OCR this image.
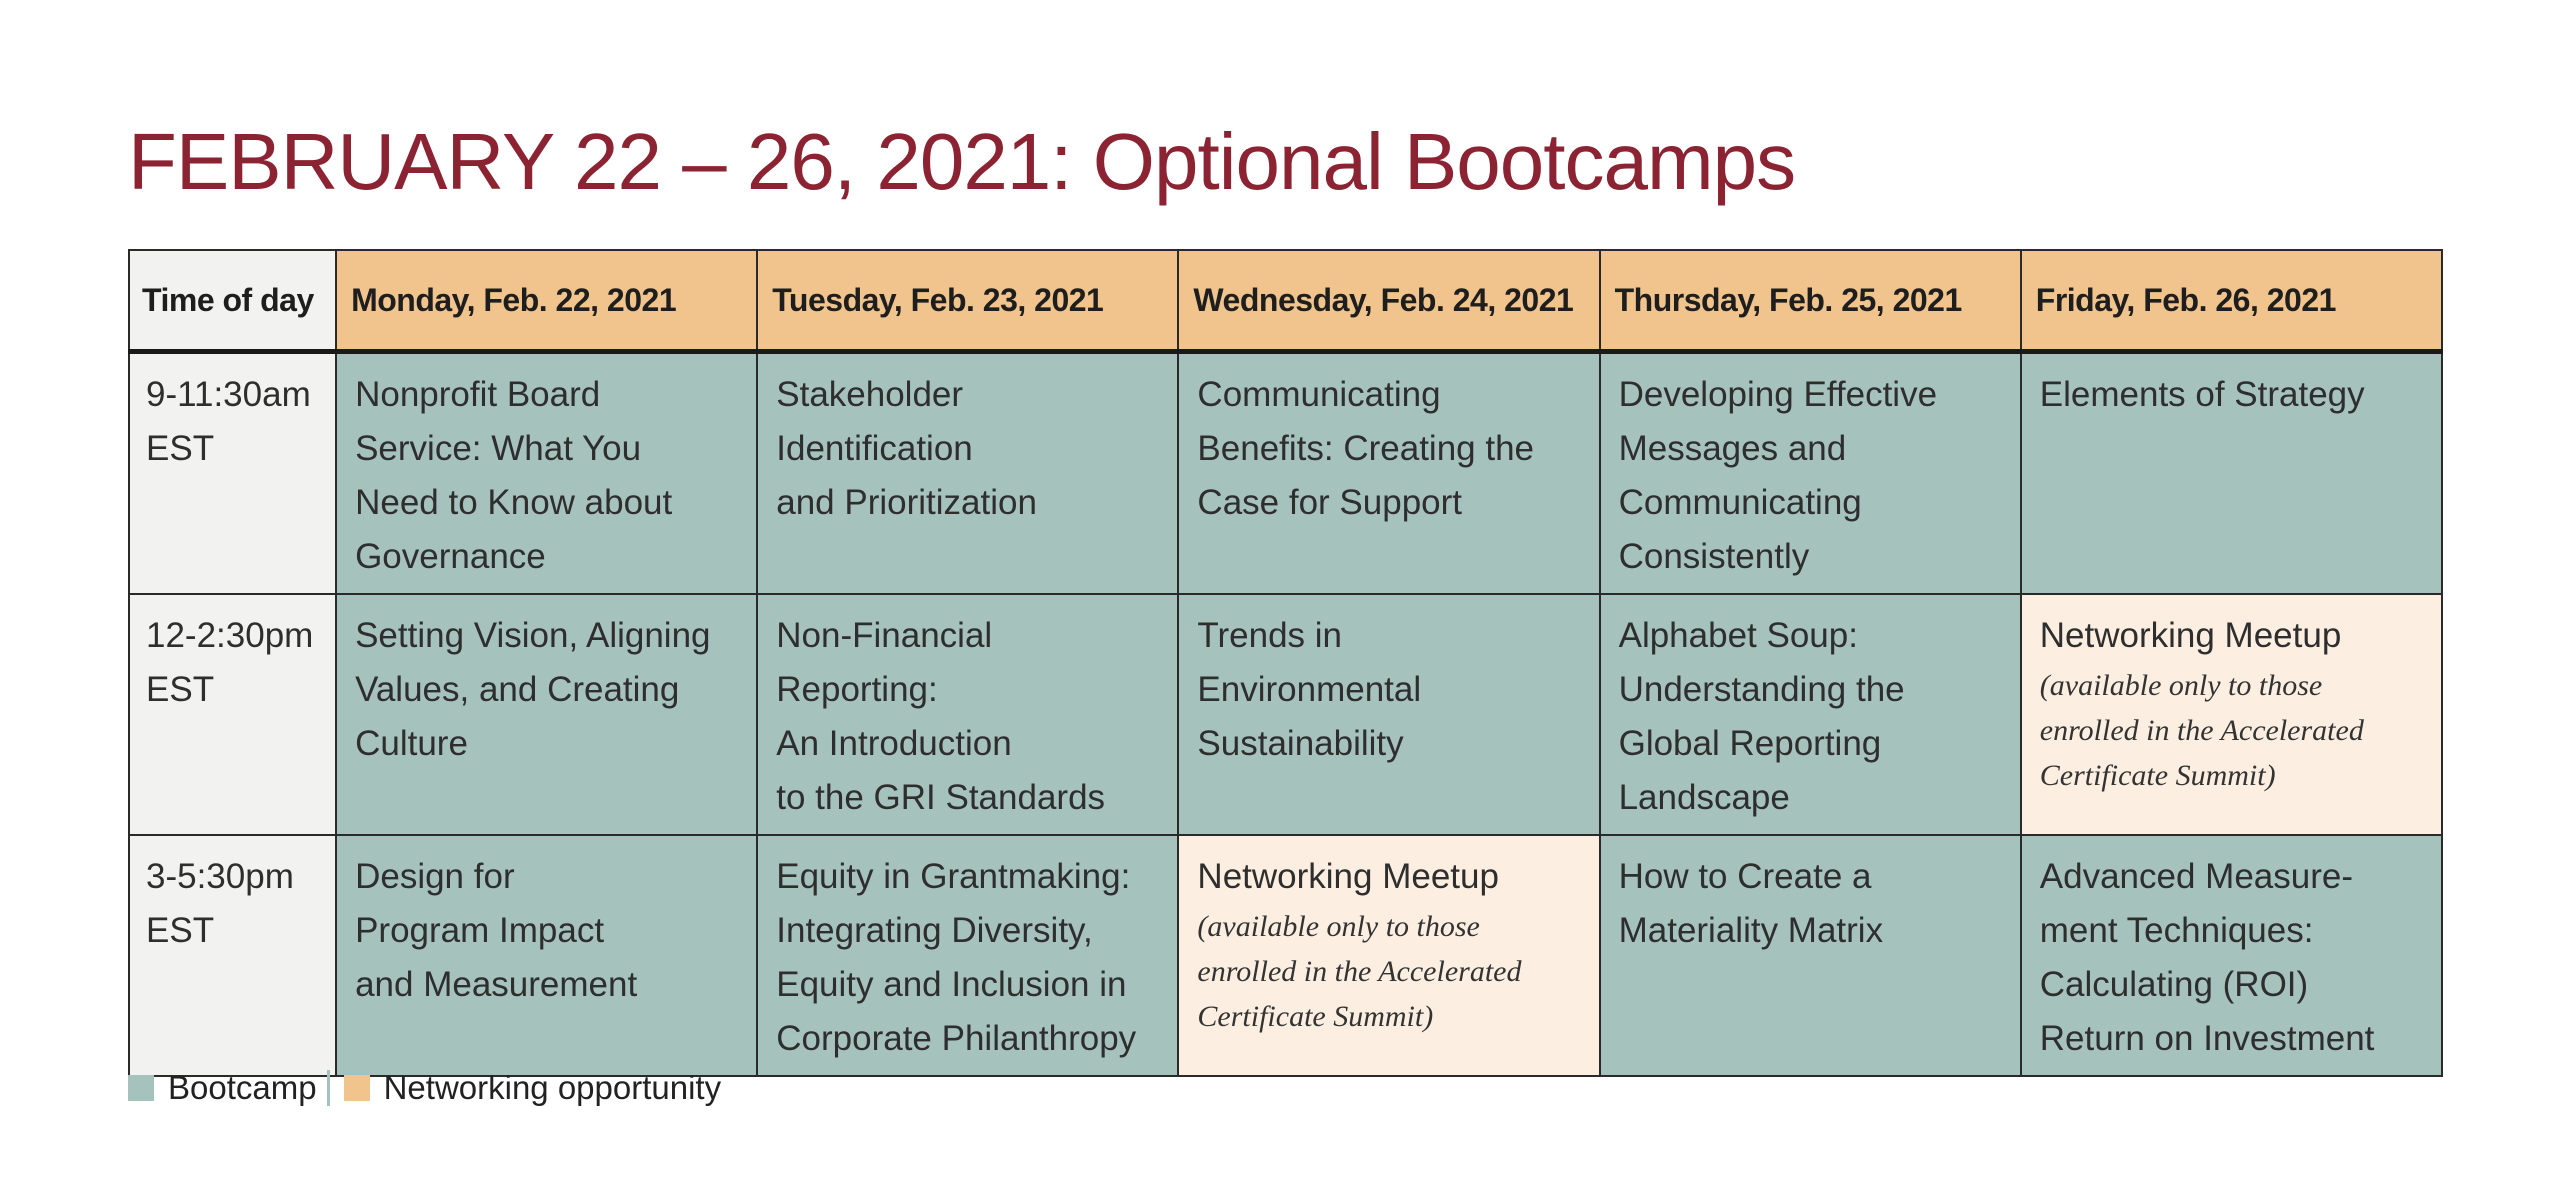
FEBRUARY 22 – 26, 2021: Optional Bootcamps
Time of day	Monday, Feb. 22, 2021	Tuesday, Feb. 23, 2021	Wednesday, Feb. 24, 2021	Thursday, Feb. 25, 2021	Friday, Feb. 26, 2021

9-11:30am
EST	Nonprofit Board
Service: What You
Need to Know about
Governance	Stakeholder
Identification
and Prioritization	Communicating
Benefits: Creating the
Case for Support	Developing Effective
Messages and
Communicating
Consistently	Elements of Strategy

12-2:30pm
EST	Setting Vision, Aligning
Values, and Creating
Culture	Non-Financial
Reporting:
An Introduction
to the GRI Standards	Trends in
Environmental
Sustainability	Alphabet Soup:
Understanding the
Global Reporting
Landscape	Networking Meetup
(available only to those
enrolled in the Accelerated
Certificate Summit)

3-5:30pm
EST	Design for
Program Impact
and Measurement	Equity in Grantmaking:
Integrating Diversity,
Equity and Inclusion in
Corporate Philanthropy	Networking Meetup
(available only to those
enrolled in the Accelerated
Certificate Summit)	How to Create a
Materiality Matrix	Advanced Measure-
ment Techniques:
Calculating (ROI)
Return on Investment
Bootcamp Networking opportunity
